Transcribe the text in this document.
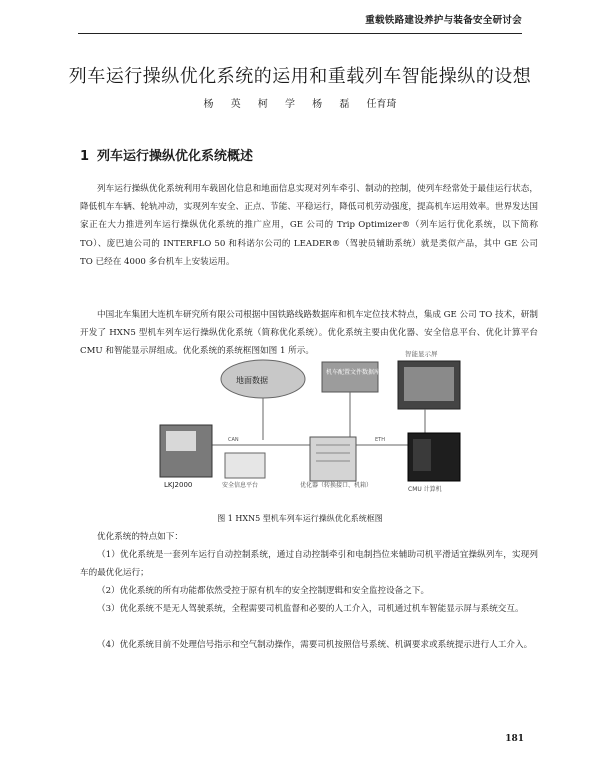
重载铁路建设养护与装备安全研讨会
列车运行操纵优化系统的运用和重载列车智能操纵的设想
杨 英 柯 学 杨 磊 任育琦
1 列车运行操纵优化系统概述
列车运行操纵优化系统利用车载固化信息和地面信息实现对列车牵引、制动的控制，使列车经常处于最佳运行状态，降低机车车辆、轮轨冲动，实现列车安全、正点、节能、平稳运行，降低司机劳动强度，提高机车运用效率。世界发达国家正在大力推进列车运行操纵优化系统的推广应用，GE 公司的 Trip Optimizer®（列车运行优化系统，以下简称 TO）、庞巴迪公司的 INTERFLO 50 和科诺尔公司的 LEADER®（驾驶员辅助系统）就是类似产品，其中 GE 公司 TO 已经在 4000 多台机车上安装运用。
中国北车集团大连机车研究所有限公司根据中国铁路线路数据库和机车定位技术特点，集成 GE 公司 TO 技术，研制开发了 HXN5 型机车列车运行操纵优化系统（简称优化系统）。优化系统主要由优化器、安全信息平台、优化计算平台 CMU 和智能显示屏组成。优化系统的系统框图如图 1 所示。	智能显示屏
地面数据
机车配置文件数据库
CAN	ETH
LKJ2000	安全信息平台	优化器（转换接口、机箱）
CMU 计算机
图 1 HXN5 型机车列车运行操纵优化系统框图
优化系统的特点如下：
（1）优化系统是一套列车运行自动控制系统，通过自动控制牵引和电制挡位来辅助司机平滑适宜操纵列车，实现列车的最优化运行；
（2）优化系统的所有功能都依然受控于原有机车的安全控制逻辑和安全监控设备之下。
（3）优化系统不是无人驾驶系统，全程需要司机监督和必要的人工介入，司机通过机车智能显示屏与系统交互。
（4）优化系统目前不处理信号指示和空气制动操作，需要司机按照信号系统、机调要求或系统提示进行人工介入。
181
